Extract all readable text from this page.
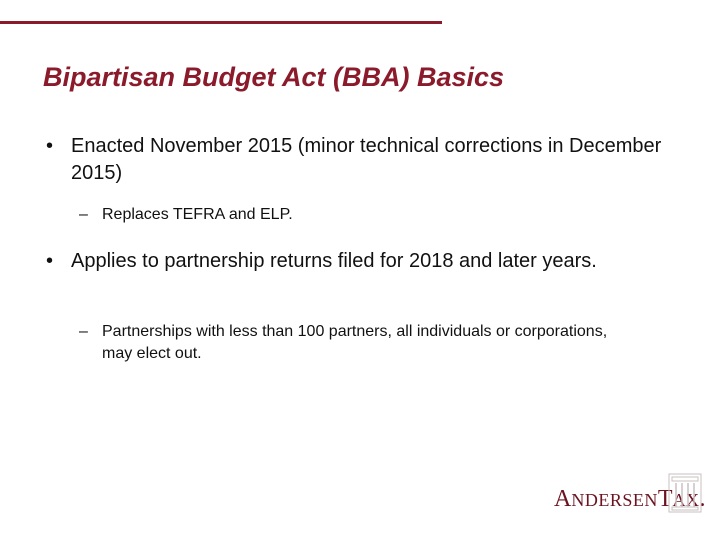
Bipartisan Budget Act (BBA) Basics
• Enacted November 2015 (minor technical corrections in December 2015)
– Replaces TEFRA and ELP.
• Applies to partnership returns filed for 2018 and later years.
– Partnerships with less than 100 partners, all individuals or corporations, may elect out.
ANDERSENTAX.
